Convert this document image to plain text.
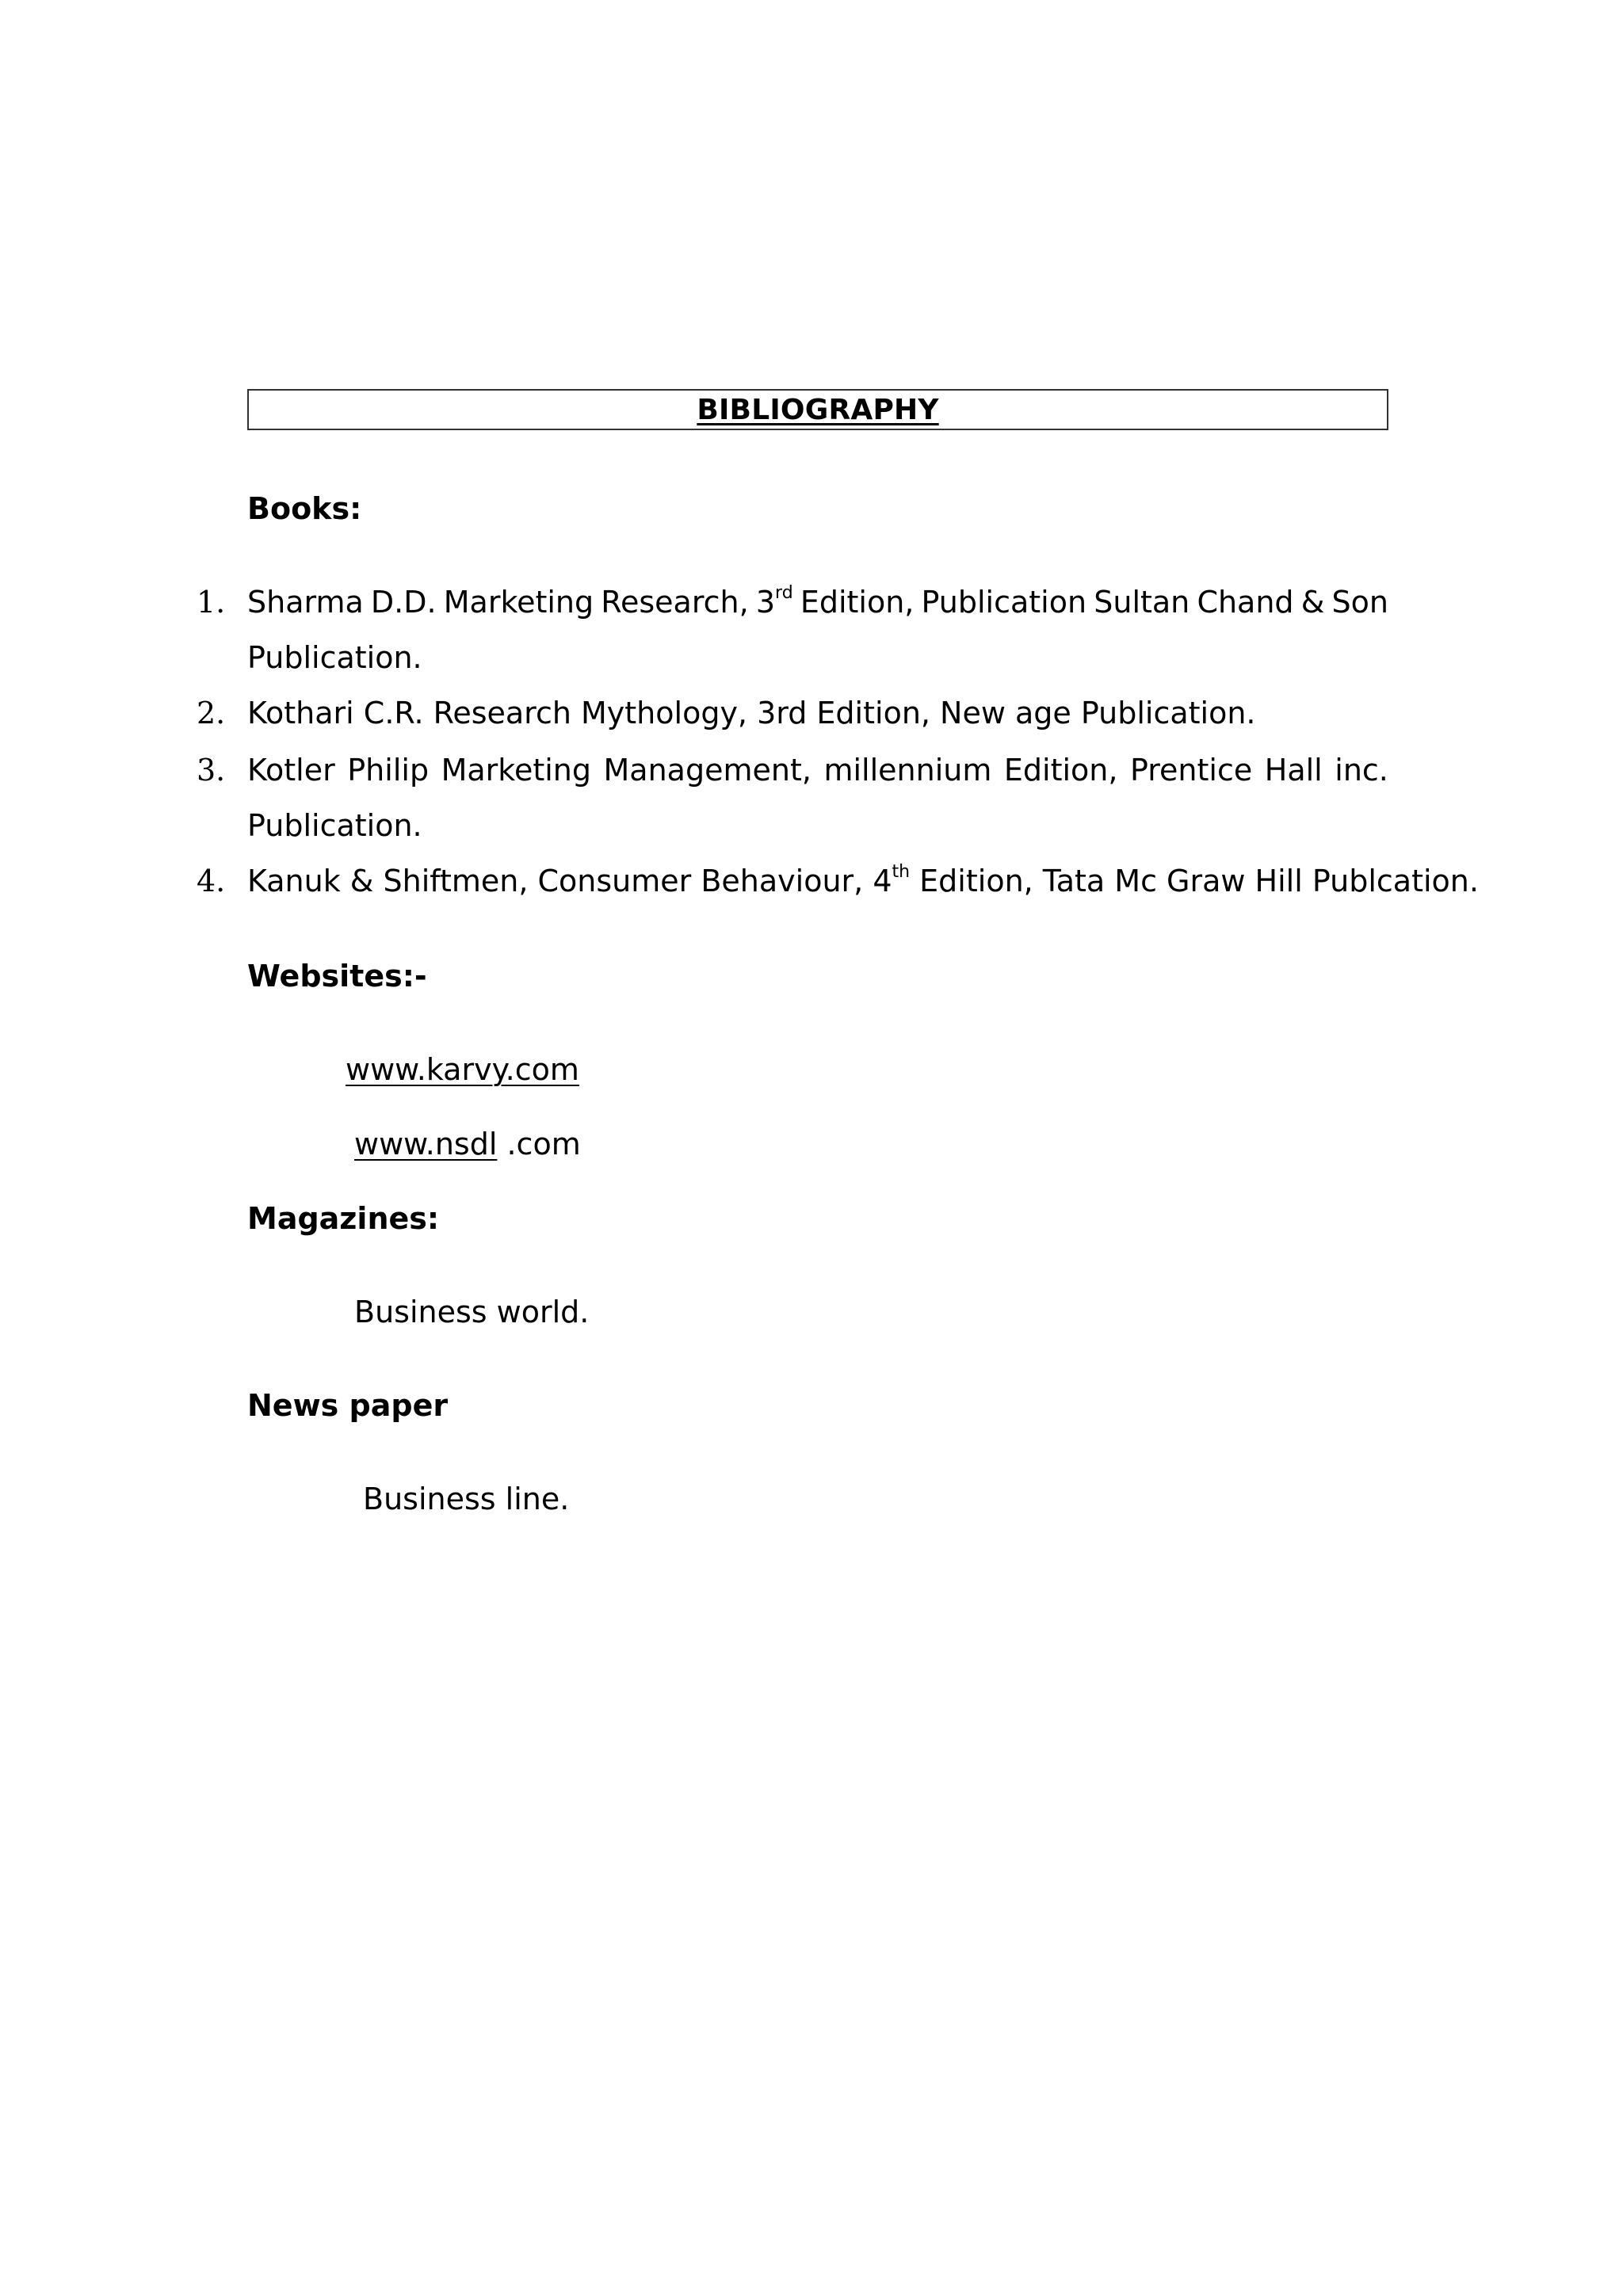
BIBLIOGRAPHY
Books:
1. Sharma D.D. Marketing Research, 3rd Edition, Publication Sultan Chand & Son
Publication.
2. Kothari C.R. Research Mythology, 3rd Edition, New age Publication.
3. Kotler Philip Marketing Management, millennium Edition, Prentice Hall inc.
Publication.
4. Kanuk & Shiftmen, Consumer Behaviour, 4th Edition, Tata Mc Graw Hill Publcation.
Websites:-
www.karvy.com
www.nsdl .com
Magazines:
Business world.
News paper
Business line.
